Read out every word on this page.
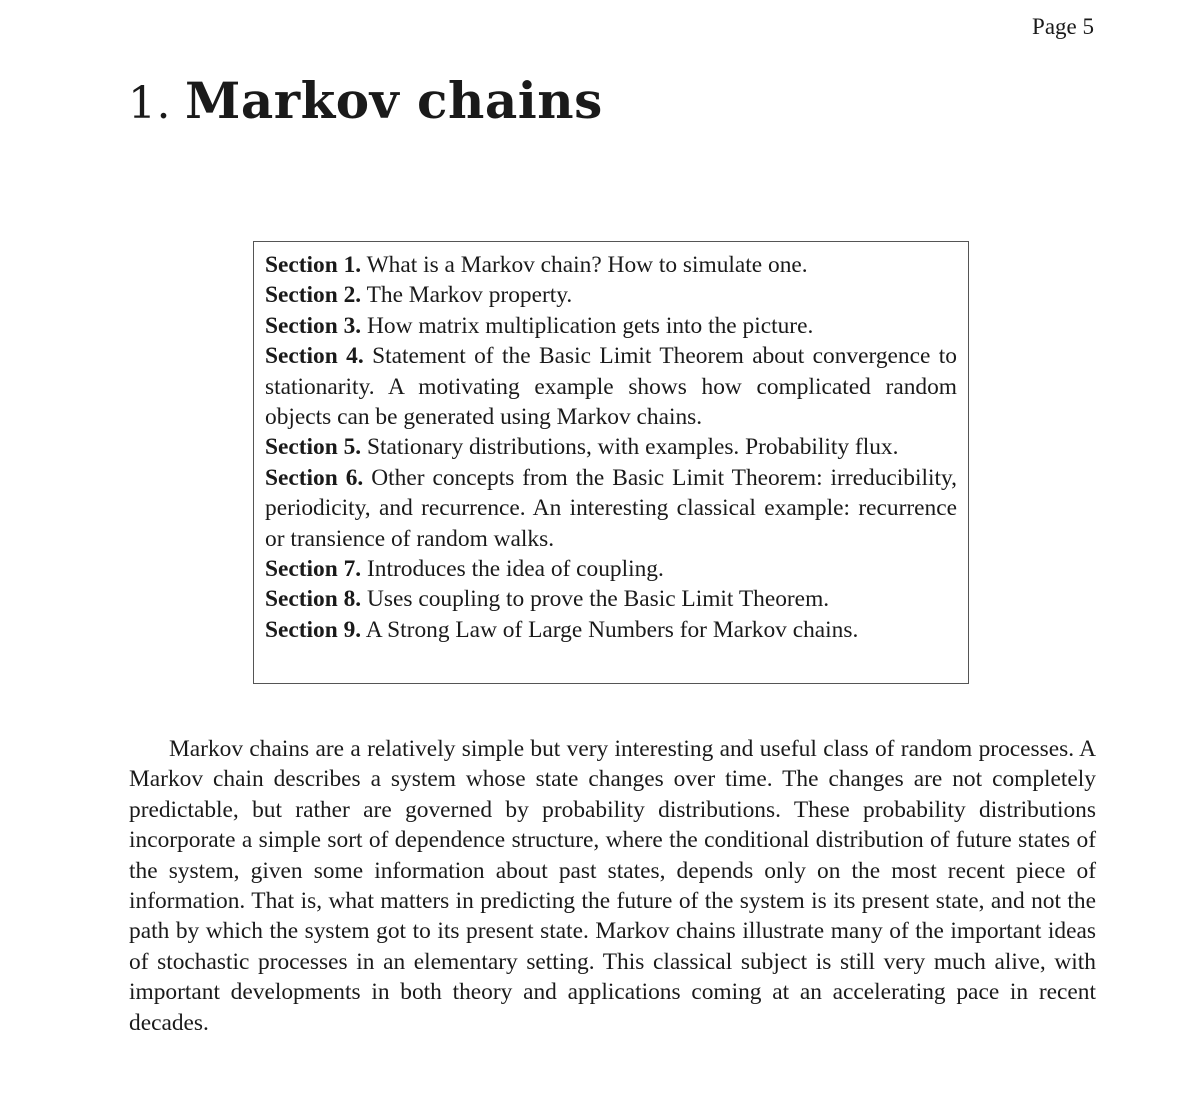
Page 5
1. Markov chains

Section 1. What is a Markov chain? How to simulate one.

Section 2. The Markov property.

Section 3. How matrix multiplication gets into the picture.

Section 4. Statement of the Basic Limit Theorem about convergence to stationarity. A motivating example shows how complicated random objects can be generated using Markov chains.

Section 5. Stationary distributions, with examples. Probability flux.

Section 6. Other concepts from the Basic Limit Theorem: irreducibility, periodicity, and recurrence. An interesting classical example: recurrence or transience of random walks.

Section 7. Introduces the idea of coupling.

Section 8. Uses coupling to prove the Basic Limit Theorem.

Section 9. A Strong Law of Large Numbers for Markov chains.

Markov chains are a relatively simple but very interesting and useful class of random processes. A Markov chain describes a system whose state changes over time. The changes are not completely predictable, but rather are governed by probability distributions. These probability distributions incorporate a simple sort of dependence structure, where the conditional distribution of future states of the system, given some information about past states, depends only on the most recent piece of information. That is, what matters in predicting the future of the system is its present state, and not the path by which the system got to its present state. Markov chains illustrate many of the important ideas of stochastic processes in an elementary setting. This classical subject is still very much alive, with important developments in both theory and applications coming at an accelerating pace in recent decades.
